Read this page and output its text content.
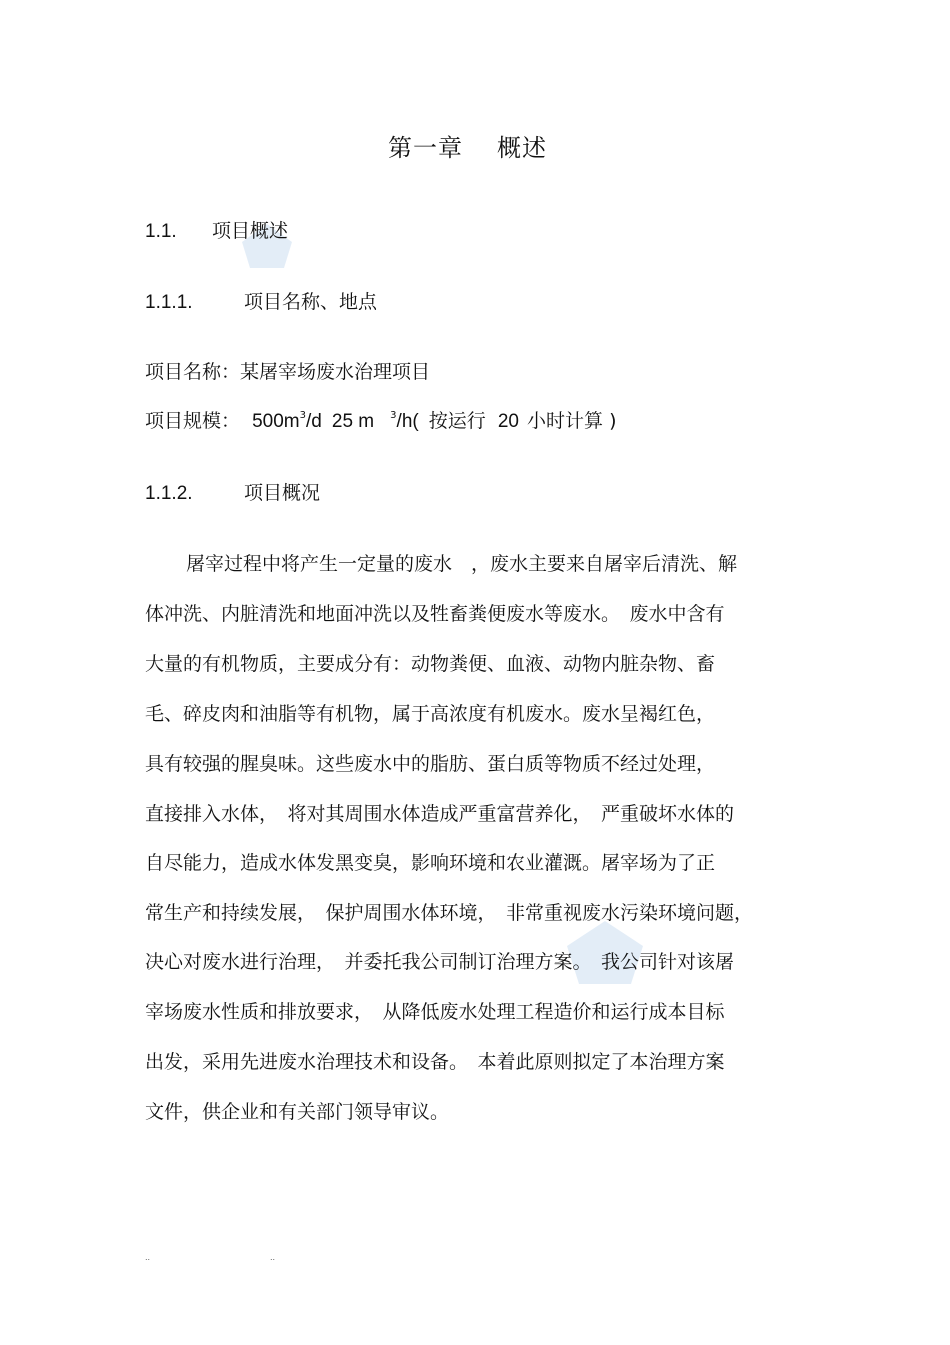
第一章 概述
1.1. 项目概述
1.1.1.	项目名称、地点
项目名称：某屠宰场废水治理项目
项目规模： $500m^3/d$ 25 m $^3$/h( 按运行 20 小时计算 )
1.1.2.	项目概况
屠宰过程中将产生一定量的废水　，废水主要来自屠宰后清洗、解
体冲洗、内脏清洗和地面冲洗以及牲畜粪便废水等废水。　废水中含有
大量的有机物质，主要成分有：动物粪便、血液、动物内脏杂物、畜
毛、碎皮肉和油脂等有机物，属于高浓度有机废水。废水呈褐红色，
具有较强的腥臭味。这些废水中的脂肪、蛋白质等物质不经过处理，
直接排入水体，　将对其周围水体造成严重富营养化，　严重破坏水体的
自尽能力，造成水体发黑变臭，影响环境和农业灌溉。屠宰场为了正
常生产和持续发展，　保护周围水体环境，　非常重视废水污染环境问题，
决心对废水进行治理，　并委托我公司制订治理方案。　我公司针对该屠
宰场废水性质和排放要求，　从降低废水处理工程造价和运行成本目标
出发，采用先进废水治理技术和设备。　本着此原则拟定了本治理方案
文件，供企业和有关部门领导审议。
..	..
